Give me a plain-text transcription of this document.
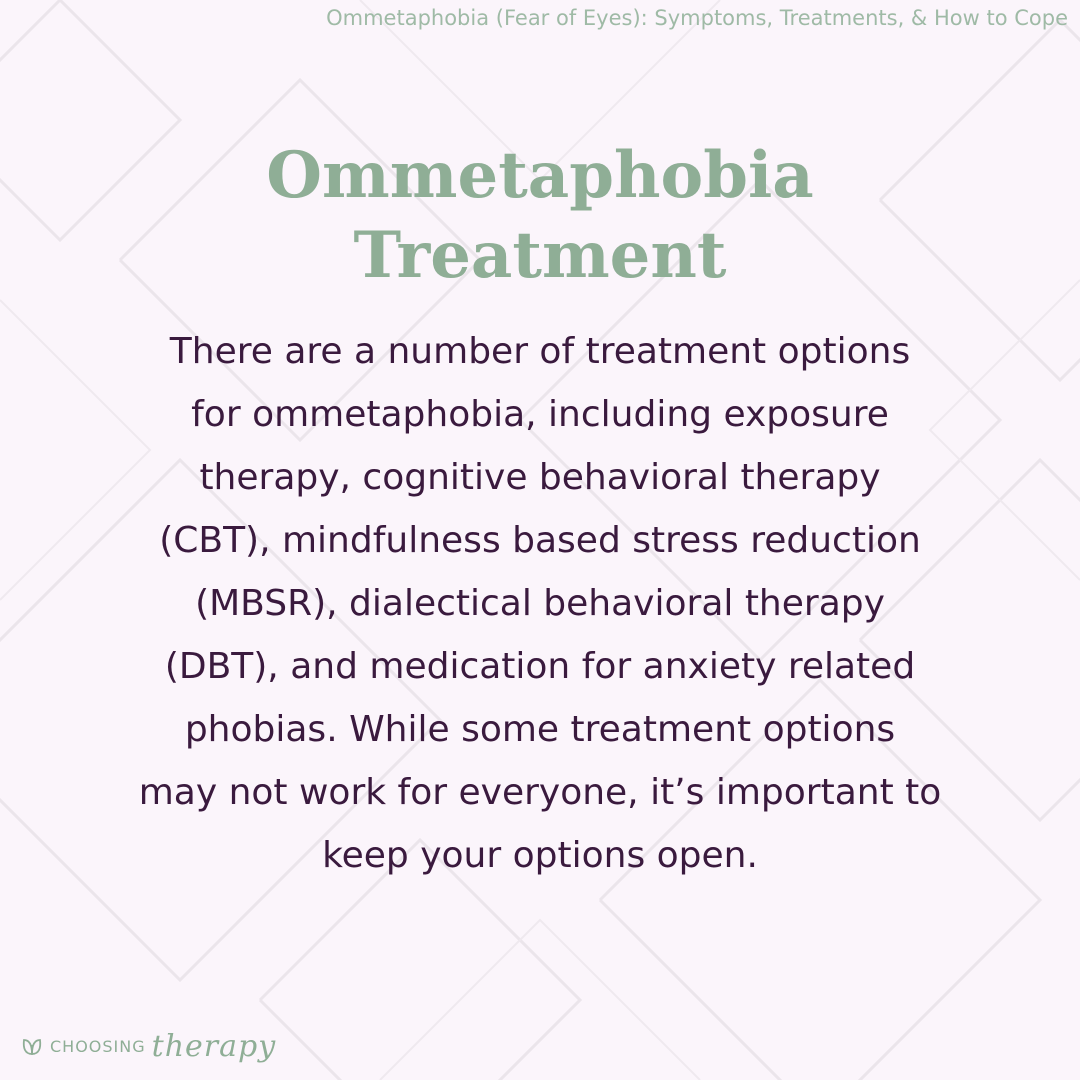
Ommetaphobia (Fear of Eyes): Symptoms, Treatments, & How to Cope
Ommetaphobia
Treatment

There are a number of treatment options
for ommetaphobia, including exposure
therapy, cognitive behavioral therapy
(CBT), mindfulness based stress reduction
(MBSR), dialectical behavioral therapy
(DBT), and medication for anxiety related
phobias. While some treatment options
may not work for everyone, it’s important to
keep your options open.

CHOOSING therapy
